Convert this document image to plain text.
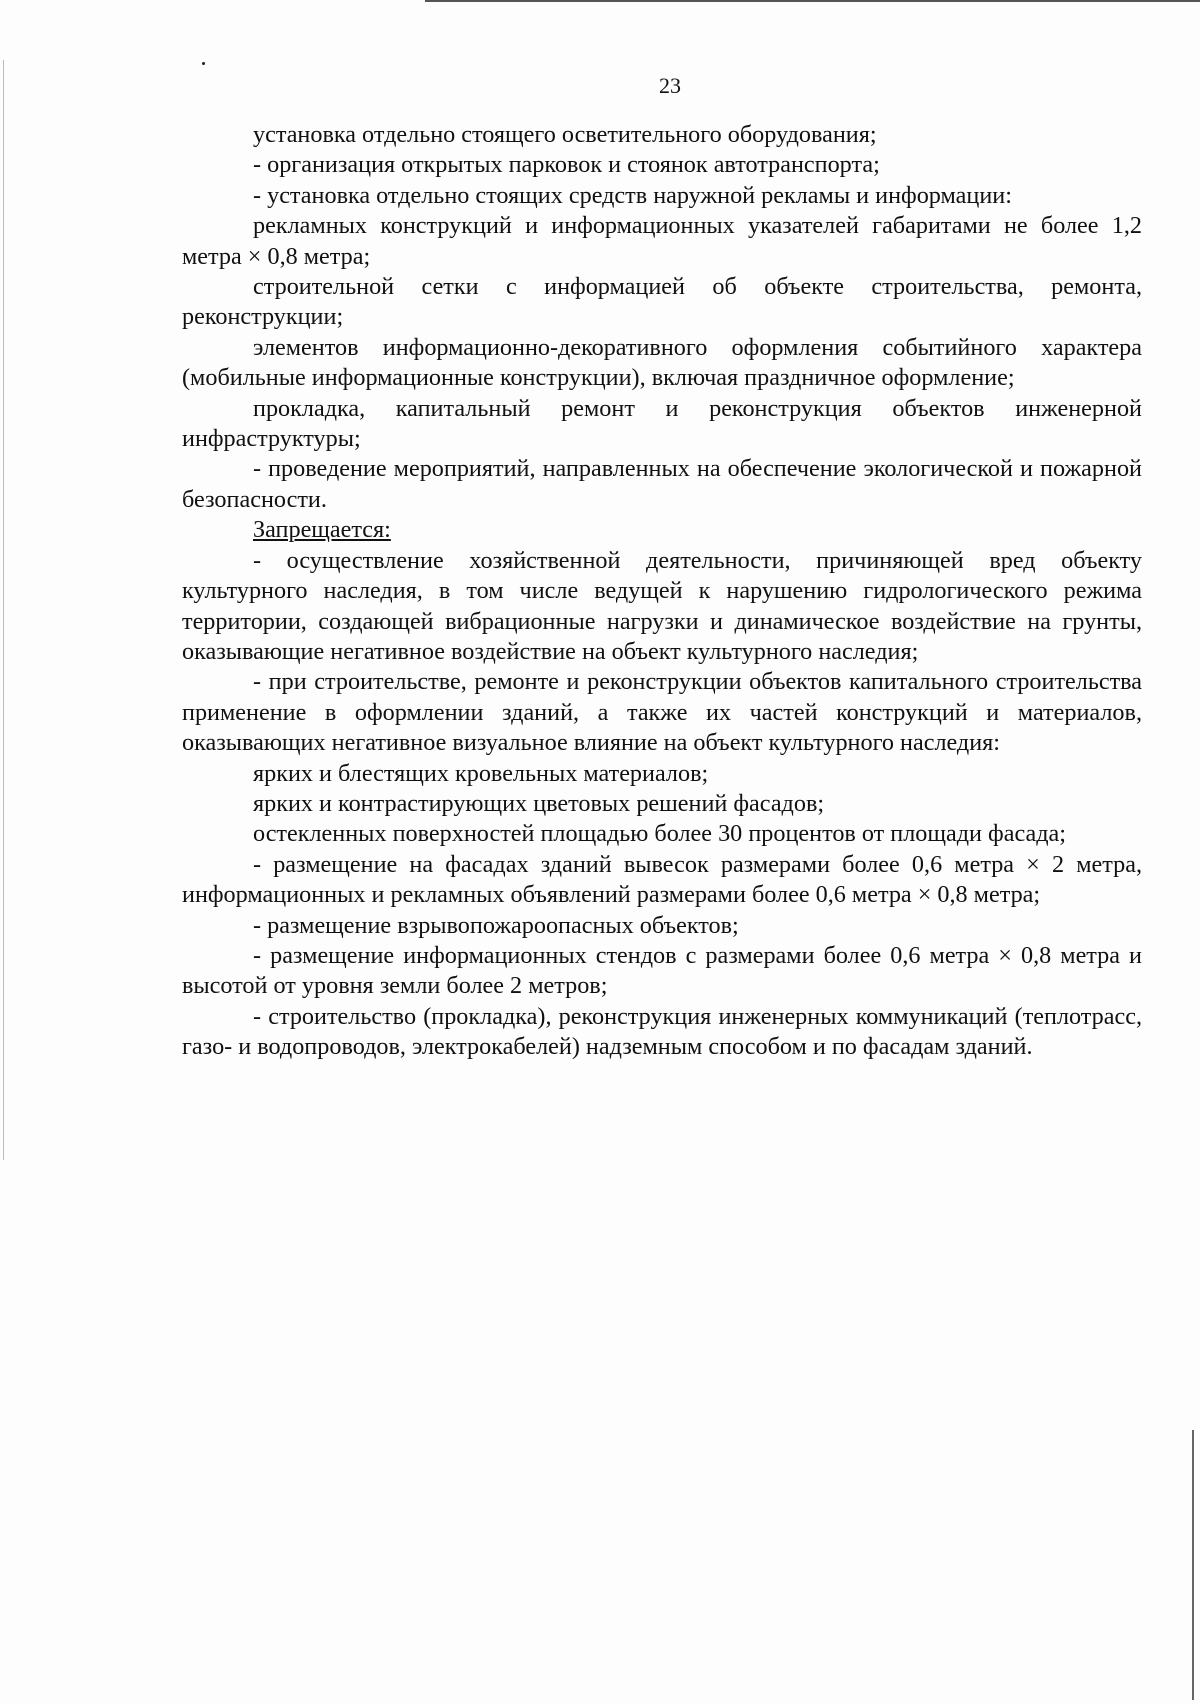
23

установка отдельно стоящего осветительного оборудования;

- организация открытых парковок и стоянок автотранспорта;

- установка отдельно стоящих средств наружной рекламы и информации:

рекламных конструкций и информационных указателей габаритами не более 1,2 метра × 0,8 метра;

строительной сетки с информацией об объекте строительства, ремонта, реконструкции;

элементов информационно-декоративного оформления событийного характера (мобильные информационные конструкции), включая праздничное оформление;

прокладка, капитальный ремонт и реконструкция объектов инженерной инфраструктуры;

- проведение мероприятий, направленных на обеспечение экологической и пожарной безопасности.

Запрещается:

- осуществление хозяйственной деятельности, причиняющей вред объекту культурного наследия, в том числе ведущей к нарушению гидрологического режима территории, создающей вибрационные нагрузки и динамическое воздействие на грунты, оказывающие негативное воздействие на объект культурного наследия;

- при строительстве, ремонте и реконструкции объектов капитального строительства применение в оформлении зданий, а также их частей конструкций и материалов, оказывающих негативное визуальное влияние на объект культурного наследия:

ярких и блестящих кровельных материалов;

ярких и контрастирующих цветовых решений фасадов;

остекленных поверхностей площадью более 30 процентов от площади фасада;

- размещение на фасадах зданий вывесок размерами более 0,6 метра × 2 метра, информационных и рекламных объявлений размерами более 0,6 метра × 0,8 метра;

- размещение взрывопожароопасных объектов;

- размещение информационных стендов с размерами более 0,6 метра × 0,8 метра и высотой от уровня земли более 2 метров;

- строительство (прокладка), реконструкция инженерных коммуникаций (теплотрасс, газо- и водопроводов, электрокабелей) надземным способом и по фасадам зданий.
